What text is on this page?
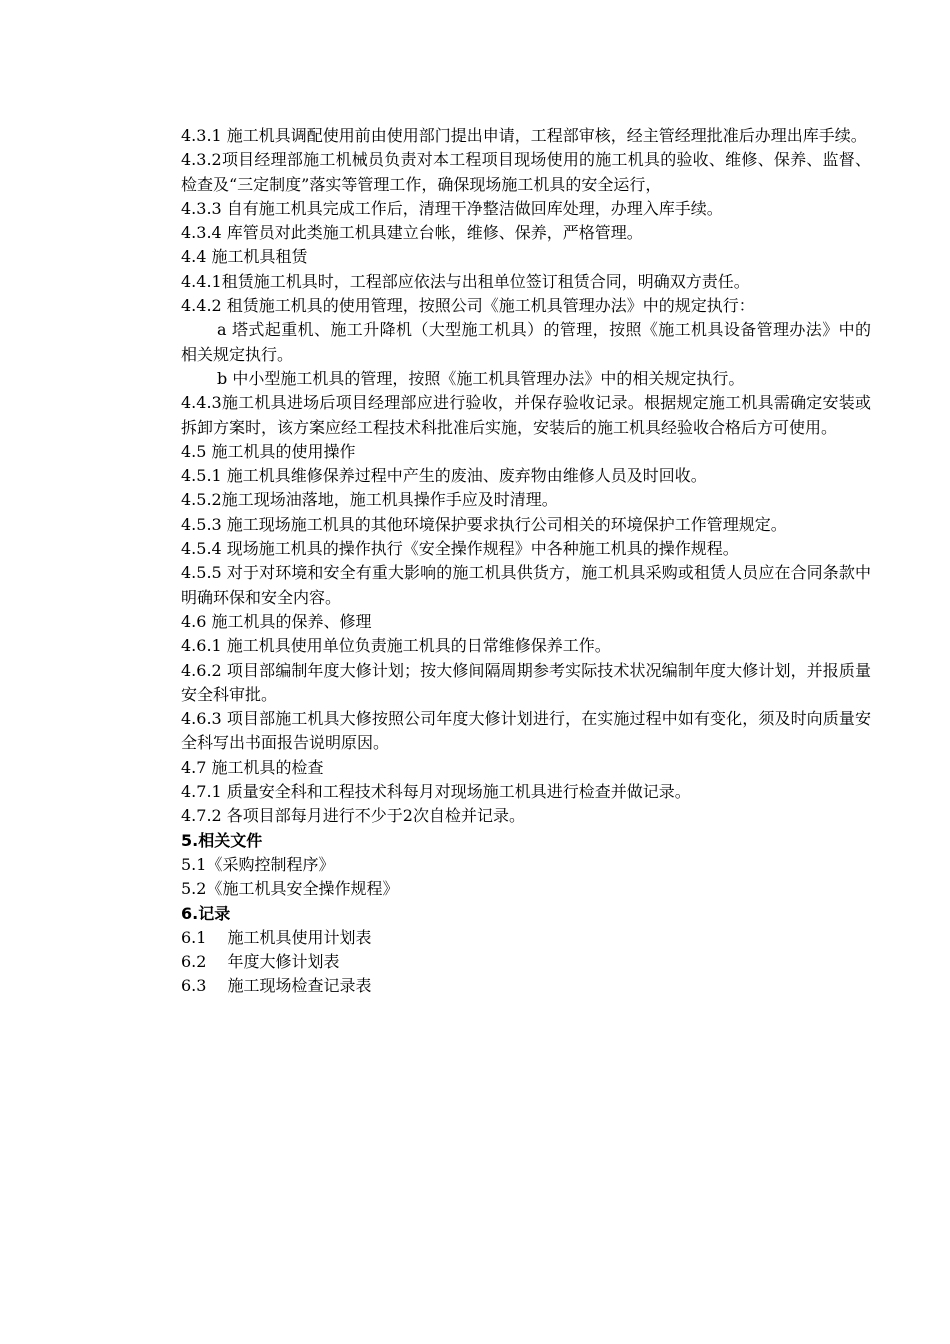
4.3.1 施工机具调配使用前由使用部门提出申请，工程部审核，经主管经理批准后办理出库手续。

4.3.2项目经理部施工机械员负责对本工程项目现场使用的施工机具的验收、维修、保养、监督、检查及“三定制度”落实等管理工作，确保现场施工机具的安全运行，

4.3.3 自有施工机具完成工作后，清理干净整洁做回库处理，办理入库手续。

4.3.4 库管员对此类施工机具建立台帐，维修、保养，严格管理。

4.4 施工机具租赁

4.4.1租赁施工机具时，工程部应依法与出租单位签订租赁合同，明确双方责任。

4.4.2 租赁施工机具的使用管理，按照公司《施工机具管理办法》中的规定执行：

a 塔式起重机、施工升降机（大型施工机具）的管理，按照《施工机具设备管理办法》中的相关规定执行。

b 中小型施工机具的管理，按照《施工机具管理办法》中的相关规定执行。

4.4.3施工机具进场后项目经理部应进行验收，并保存验收记录。根据规定施工机具需确定安装或拆卸方案时，该方案应经工程技术科批准后实施，安装后的施工机具经验收合格后方可使用。

4.5 施工机具的使用操作

4.5.1 施工机具维修保养过程中产生的废油、废弃物由维修人员及时回收。

4.5.2施工现场油落地，施工机具操作手应及时清理。

4.5.3 施工现场施工机具的其他环境保护要求执行公司相关的环境保护工作管理规定。

4.5.4 现场施工机具的操作执行《安全操作规程》中各种施工机具的操作规程。

4.5.5 对于对环境和安全有重大影响的施工机具供货方，施工机具采购或租赁人员应在合同条款中明确环保和安全内容。

4.6 施工机具的保养、修理

4.6.1 施工机具使用单位负责施工机具的日常维修保养工作。

4.6.2 项目部编制年度大修计划；按大修间隔周期参考实际技术状况编制年度大修计划，并报质量安全科审批。

4.6.3 项目部施工机具大修按照公司年度大修计划进行，在实施过程中如有变化，须及时向质量安全科写出书面报告说明原因。

4.7 施工机具的检查

4.7.1 质量安全科和工程技术科每月对现场施工机具进行检查并做记录。

4.7.2 各项目部每月进行不少于2次自检并记录。

5.相关文件

5.1《采购控制程序》

5.2《施工机具安全操作规程》

6.记录

6.1　 施工机具使用计划表

6.2　 年度大修计划表

6.3　 施工现场检查记录表
